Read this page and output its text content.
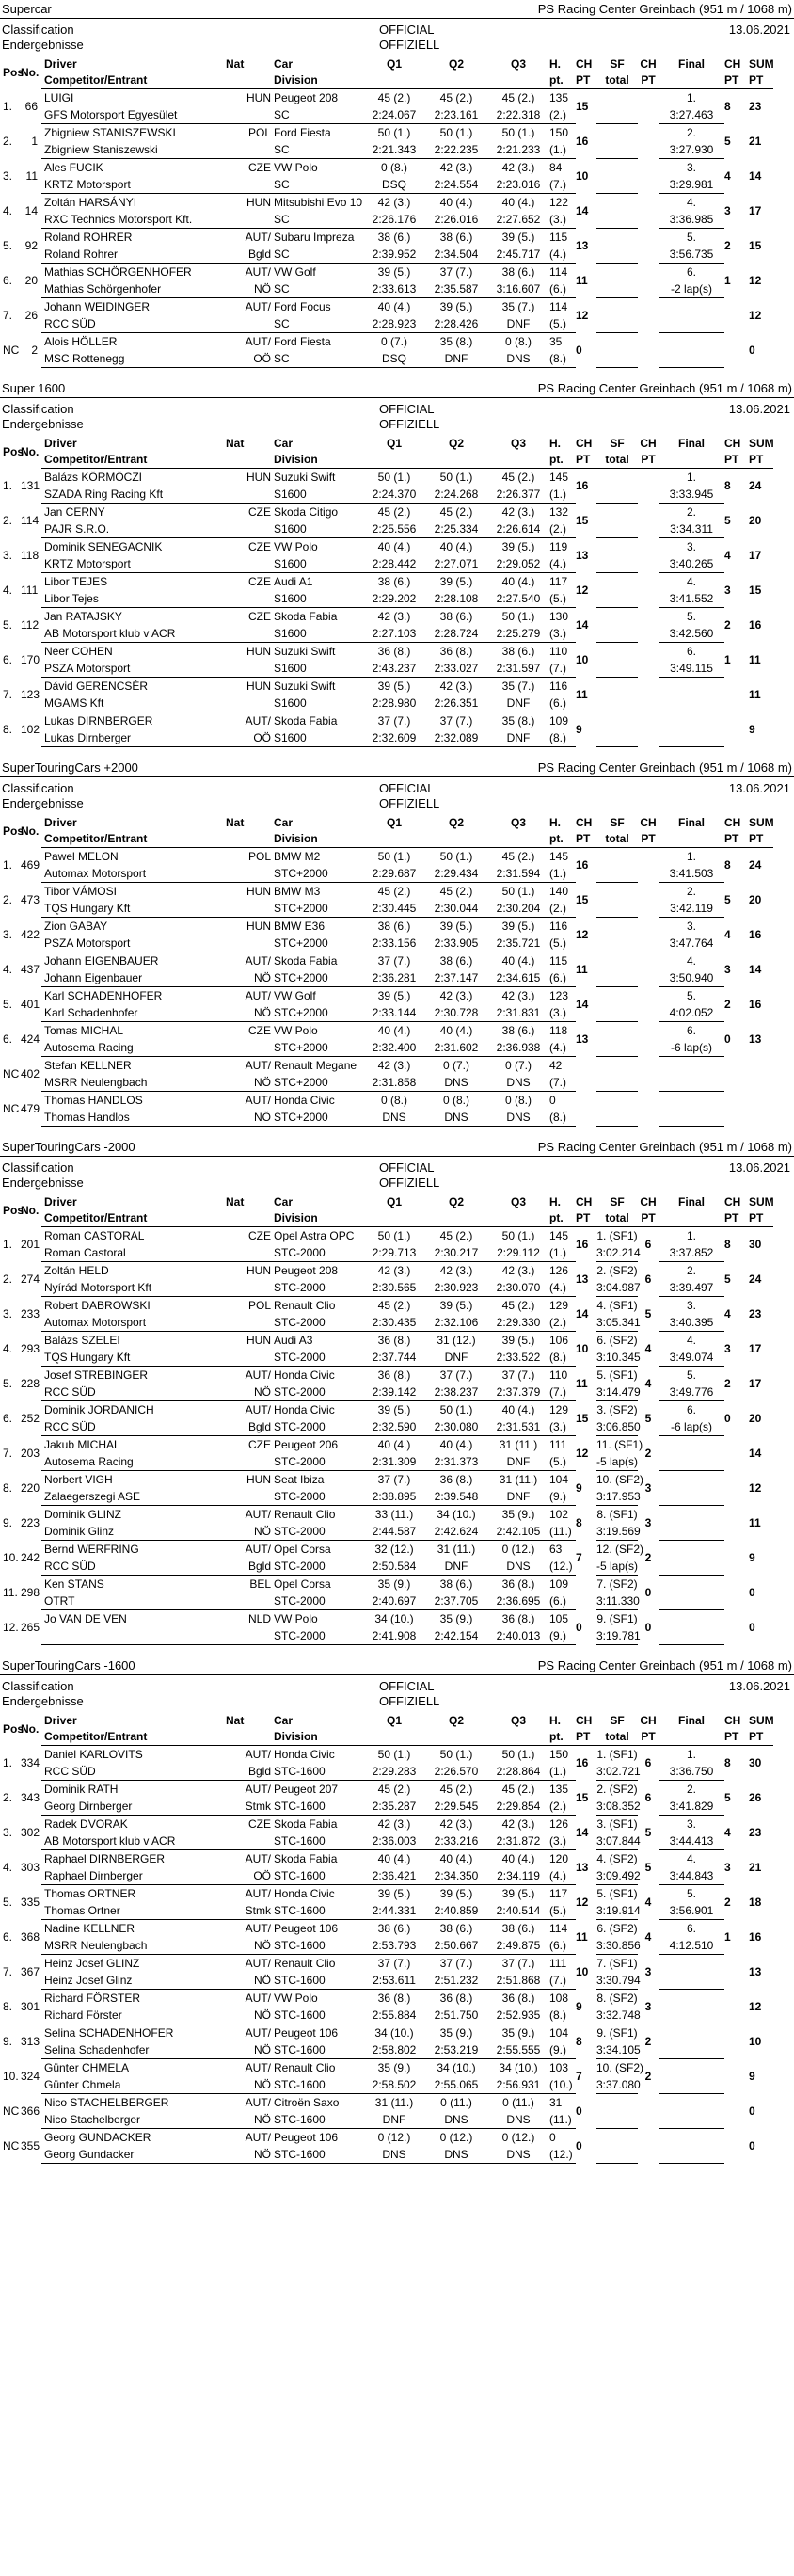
Supercar	PS Racing Center Greinbach (951 m / 1068 m)
Classification
Endergebnisse
OFFICIAL
OFFIZIELL
13.06.2021
Pos	No.	Driver	Nat	Car	Q1	Q2	Q3	H.	CH	SF	CH	Final	CH	SUM
		Competitor/Entrant		Division				pt.	PT	total	PT		PT	PT
1.	66	LUIGI	HUN	Peugeot 208	45 (2.)	45 (2.)	45 (2.)	135	15			1.	8	23
		GFS Motorsport Egyesület		SC	2:24.067	2:23.161	2:22.318	(2.)				3:27.463		
2.	1	Zbigniew STANISZEWSKI	POL	Ford Fiesta	50 (1.)	50 (1.)	50 (1.)	150	16			2.	5	21
		Zbigniew Staniszewski		SC	2:21.343	2:22.235	2:21.233	(1.)				3:27.930		
3.	11	Ales FUCIK	CZE	VW Polo	0 (8.)	42 (3.)	42 (3.)	84	10			3.	4	14
		KRTZ Motorsport		SC	DSQ	2:24.554	2:23.016	(7.)				3:29.981		
4.	14	Zoltán HARSÁNYI	HUN	Mitsubishi Evo 10	42 (3.)	40 (4.)	40 (4.)	122	14			4.	3	17
		RXC Technics Motorsport Kft.		SC	2:26.176	2:26.016	2:27.652	(3.)				3:36.985		
5.	92	Roland ROHRER	AUT/	Subaru Impreza	38 (6.)	38 (6.)	39 (5.)	115	13			5.	2	15
		Roland Rohrer	Bgld	SC	2:39.952	2:34.504	2:45.717	(4.)				3:56.735		
6.	20	Mathias SCHÖRGENHOFER	AUT/	VW Golf	39 (5.)	37 (7.)	38 (6.)	114	11			6.	1	12
		Mathias Schörgenhofer	NÖ	SC	2:33.613	2:35.587	3:16.607	(6.)				-2 lap(s)		
7.	26	Johann WEIDINGER	AUT/	Ford Focus	40 (4.)	39 (5.)	35 (7.)	114	12					12
		RCC SÜD		SC	2:28.923	2:28.426	DNF	(5.)						
NC	2	Alois HÖLLER	AUT/	Ford Fiesta	0 (7.)	35 (8.)	0 (8.)	35	0					0
		MSC Rottenegg	OÖ	SC	DSQ	DNF	DNS	(8.)						
Super 1600	PS Racing Center Greinbach (951 m / 1068 m)
Classification
Endergebnisse
OFFICIAL
OFFIZIELL
13.06.2021
Pos	No.	Driver	Nat	Car	Q1	Q2	Q3	H.	CH	SF	CH	Final	CH	SUM
		Competitor/Entrant		Division				pt.	PT	total	PT		PT	PT
1.	131	Balázs KÖRMÖCZI	HUN	Suzuki Swift	50 (1.)	50 (1.)	45 (2.)	145	16			1.	8	24
		SZADA Ring Racing Kft		S1600	2:24.370	2:24.268	2:26.377	(1.)				3:33.945		
2.	114	Jan CERNY	CZE	Skoda Citigo	45 (2.)	45 (2.)	42 (3.)	132	15			2.	5	20
		PAJR S.R.O.		S1600	2:25.556	2:25.334	2:26.614	(2.)				3:34.311		
3.	118	Dominik SENEGACNIK	CZE	VW Polo	40 (4.)	40 (4.)	39 (5.)	119	13			3.	4	17
		KRTZ Motorsport		S1600	2:28.442	2:27.071	2:29.052	(4.)				3:40.265		
4.	111	Libor TEJES	CZE	Audi A1	38 (6.)	39 (5.)	40 (4.)	117	12			4.	3	15
		Libor Tejes		S1600	2:29.202	2:28.108	2:27.540	(5.)				3:41.552		
5.	112	Jan RATAJSKY	CZE	Skoda Fabia	42 (3.)	38 (6.)	50 (1.)	130	14			5.	2	16
		AB Motorsport klub v ACR		S1600	2:27.103	2:28.724	2:25.279	(3.)				3:42.560		
6.	170	Neer COHEN	HUN	Suzuki Swift	36 (8.)	36 (8.)	38 (6.)	110	10			6.	1	11
		PSZA Motorsport		S1600	2:43.237	2:33.027	2:31.597	(7.)				3:49.115		
7.	123	Dávid GERENCSÉR	HUN	Suzuki Swift	39 (5.)	42 (3.)	35 (7.)	116	11					11
		MGAMS Kft		S1600	2:28.980	2:26.351	DNF	(6.)						
8.	102	Lukas DIRNBERGER	AUT/	Skoda Fabia	37 (7.)	37 (7.)	35 (8.)	109	9					9
		Lukas Dirnberger	OÖ	S1600	2:32.609	2:32.089	DNF	(8.)						
SuperTouringCars +2000	PS Racing Center Greinbach (951 m / 1068 m)
Classification
Endergebnisse
OFFICIAL
OFFIZIELL
13.06.2021
Pos	No.	Driver	Nat	Car	Q1	Q2	Q3	H.	CH	SF	CH	Final	CH	SUM
		Competitor/Entrant		Division				pt.	PT	total	PT		PT	PT
1.	469	Pawel MELON	POL	BMW M2	50 (1.)	50 (1.)	45 (2.)	145	16			1.	8	24
		Automax Motorsport		STC+2000	2:29.687	2:29.434	2:31.594	(1.)				3:41.503		
2.	473	Tibor VÁMOSI	HUN	BMW M3	45 (2.)	45 (2.)	50 (1.)	140	15			2.	5	20
		TQS Hungary Kft		STC+2000	2:30.445	2:30.044	2:30.204	(2.)				3:42.119		
3.	422	Zion GABAY	HUN	BMW E36	38 (6.)	39 (5.)	39 (5.)	116	12			3.	4	16
		PSZA Motorsport		STC+2000	2:33.156	2:33.905	2:35.721	(5.)				3:47.764		
4.	437	Johann EIGENBAUER	AUT/	Skoda Fabia	37 (7.)	38 (6.)	40 (4.)	115	11			4.	3	14
		Johann Eigenbauer	NÖ	STC+2000	2:36.281	2:37.147	2:34.615	(6.)				3:50.940		
5.	401	Karl SCHADENHOFER	AUT/	VW Golf	39 (5.)	42 (3.)	42 (3.)	123	14			5.	2	16
		Karl Schadenhofer	NÖ	STC+2000	2:33.144	2:30.728	2:31.831	(3.)				4:02.052		
6.	424	Tomas MICHAL	CZE	VW Polo	40 (4.)	40 (4.)	38 (6.)	118	13			6.	0	13
		Autosema Racing		STC+2000	2:32.400	2:31.602	2:36.938	(4.)				-6 lap(s)		
NC	402	Stefan KELLNER	AUT/	Renault Megane	42 (3.)	0 (7.)	0 (7.)	42						
		MSRR Neulengbach	NÖ	STC+2000	2:31.858	DNS	DNS	(7.)						
NC	479	Thomas HANDLOS	AUT/	Honda Civic	0 (8.)	0 (8.)	0 (8.)	0						
		Thomas Handlos	NÖ	STC+2000	DNS	DNS	DNS	(8.)						
SuperTouringCars -2000	PS Racing Center Greinbach (951 m / 1068 m)
Classification
Endergebnisse
OFFICIAL
OFFIZIELL
13.06.2021
Pos	No.	Driver	Nat	Car	Q1	Q2	Q3	H.	CH	SF	CH	Final	CH	SUM
		Competitor/Entrant		Division				pt.	PT	total	PT		PT	PT
1.	201	Roman CASTORAL	CZE	Opel Astra OPC	50 (1.)	45 (2.)	50 (1.)	145	16	1. (SF1)	6	1.	8	30
		Roman Castoral		STC-2000	2:29.713	2:30.217	2:29.112	(1.)		3:02.214		3:37.852		
2.	274	Zoltán HELD	HUN	Peugeot 208	42 (3.)	42 (3.)	42 (3.)	126	13	2. (SF2)	6	2.	5	24
		Nyírád Motorsport Kft		STC-2000	2:30.565	2:30.923	2:30.070	(4.)		3:04.987		3:39.497		
3.	233	Robert DABROWSKI	POL	Renault Clio	45 (2.)	39 (5.)	45 (2.)	129	14	4. (SF1)	5	3.	4	23
		Automax Motorsport		STC-2000	2:30.435	2:32.106	2:29.330	(2.)		3:05.341		3:40.395		
4.	293	Balázs SZELEI	HUN	Audi A3	36 (8.)	31 (12.)	39 (5.)	106	10	6. (SF2)	4	4.	3	17
		TQS Hungary Kft		STC-2000	2:37.744	DNF	2:33.522	(8.)		3:10.345		3:49.074		
5.	228	Josef STREBINGER	AUT/	Honda Civic	36 (8.)	37 (7.)	37 (7.)	110	11	5. (SF1)	4	5.	2	17
		RCC SÜD	NÖ	STC-2000	2:39.142	2:38.237	2:37.379	(7.)		3:14.479		3:49.776		
6.	252	Dominik JORDANICH	AUT/	Honda Civic	39 (5.)	50 (1.)	40 (4.)	129	15	3. (SF2)	5	6.	0	20
		RCC SÜD	Bgld	STC-2000	2:32.590	2:30.080	2:31.531	(3.)		3:06.850		-6 lap(s)		
7.	203	Jakub MICHAL	CZE	Peugeot 206	40 (4.)	40 (4.)	31 (11.)	111	12	11. (SF1)	2			14
		Autosema Racing		STC-2000	2:31.309	2:31.373	DNF	(5.)		-5 lap(s)				
8.	220	Norbert VIGH	HUN	Seat Ibiza	37 (7.)	36 (8.)	31 (11.)	104	9	10. (SF2)	3			12
		Zalaegerszegi ASE		STC-2000	2:38.895	2:39.548	DNF	(9.)		3:17.953				
9.	223	Dominik GLINZ	AUT/	Renault Clio	33 (11.)	34 (10.)	35 (9.)	102	8	8. (SF1)	3			11
		Dominik Glinz	NÖ	STC-2000	2:44.587	2:42.624	2:42.105	(11.)		3:19.569				
10.	242	Bernd WERFRING	AUT/	Opel Corsa	32 (12.)	31 (11.)	0 (12.)	63	7	12. (SF2)	2			9
		RCC SÜD	Bgld	STC-2000	2:50.584	DNF	DNS	(12.)		-5 lap(s)				
11.	298	Ken STANS	BEL	Opel Corsa	35 (9.)	38 (6.)	36 (8.)	109		7. (SF2)	0			0
		OTRT		STC-2000	2:40.697	2:37.705	2:36.695	(6.)		3:11.330				
12.	265	Jo VAN DE VEN	NLD	VW Polo	34 (10.)	35 (9.)	36 (8.)	105	0	9. (SF1)	0			0
				STC-2000	2:41.908	2:42.154	2:40.013	(9.)		3:19.781				
SuperTouringCars -1600	PS Racing Center Greinbach (951 m / 1068 m)
Classification
Endergebnisse
OFFICIAL
OFFIZIELL
13.06.2021
Pos	No.	Driver	Nat	Car	Q1	Q2	Q3	H.	CH	SF	CH	Final	CH	SUM
		Competitor/Entrant		Division				pt.	PT	total	PT		PT	PT
1.	334	Daniel KARLOVITS	AUT/	Honda Civic	50 (1.)	50 (1.)	50 (1.)	150	16	1. (SF1)	6	1.	8	30
		RCC SÜD	Bgld	STC-1600	2:29.283	2:26.570	2:28.864	(1.)		3:02.721		3:36.750		
2.	343	Dominik RATH	AUT/	Peugeot 207	45 (2.)	45 (2.)	45 (2.)	135	15	2. (SF2)	6	2.	5	26
		Georg Dirnberger	Stmk	STC-1600	2:35.287	2:29.545	2:29.854	(2.)		3:08.352		3:41.829		
3.	302	Radek DVORAK	CZE	Skoda Fabia	42 (3.)	42 (3.)	42 (3.)	126	14	3. (SF1)	5	3.	4	23
		AB Motorsport klub v ACR		STC-1600	2:36.003	2:33.216	2:31.872	(3.)		3:07.844		3:44.413		
4.	303	Raphael DIRNBERGER	AUT/	Skoda Fabia	40 (4.)	40 (4.)	40 (4.)	120	13	4. (SF2)	5	4.	3	21
		Raphael Dirnberger	OÖ	STC-1600	2:36.421	2:34.350	2:34.119	(4.)		3:09.492		3:44.843		
5.	335	Thomas ORTNER	AUT/	Honda Civic	39 (5.)	39 (5.)	39 (5.)	117	12	5. (SF1)	4	5.	2	18
		Thomas Ortner	Stmk	STC-1600	2:44.331	2:40.859	2:40.514	(5.)		3:19.914		3:56.901		
6.	368	Nadine KELLNER	AUT/	Peugeot 106	38 (6.)	38 (6.)	38 (6.)	114	11	6. (SF2)	4	6.	1	16
		MSRR Neulengbach	NÖ	STC-1600	2:53.793	2:50.667	2:49.875	(6.)		3:30.856		4:12.510		
7.	367	Heinz Josef GLINZ	AUT/	Renault Clio	37 (7.)	37 (7.)	37 (7.)	111	10	7. (SF1)	3			13
		Heinz Josef Glinz	NÖ	STC-1600	2:53.611	2:51.232	2:51.868	(7.)		3:30.794				
8.	301	Richard FÖRSTER	AUT/	VW Polo	36 (8.)	36 (8.)	36 (8.)	108	9	8. (SF2)	3			12
		Richard Förster	NÖ	STC-1600	2:55.884	2:51.750	2:52.935	(8.)		3:32.748				
9.	313	Selina SCHADENHOFER	AUT/	Peugeot 106	34 (10.)	35 (9.)	35 (9.)	104	8	9. (SF1)	2			10
		Selina Schadenhofer	NÖ	STC-1600	2:58.802	2:53.219	2:55.555	(9.)		3:34.105				
10.	324	Günter CHMELA	AUT/	Renault Clio	35 (9.)	34 (10.)	34 (10.)	103	7	10. (SF2)	2			9
		Günter Chmela	NÖ	STC-1600	2:58.502	2:55.065	2:56.931	(10.)		3:37.080				
NC	366	Nico STACHELBERGER	AUT/	Citroën Saxo	31 (11.)	0 (11.)	0 (11.)	31	0					0
		Nico Stachelberger	NÖ	STC-1600	DNF	DNS	DNS	(11.)						
NC	355	Georg GUNDACKER	AUT/	Peugeot 106	0 (12.)	0 (12.)	0 (12.)	0	0					0
		Georg Gundacker	NÖ	STC-1600	DNS	DNS	DNS	(12.)						
